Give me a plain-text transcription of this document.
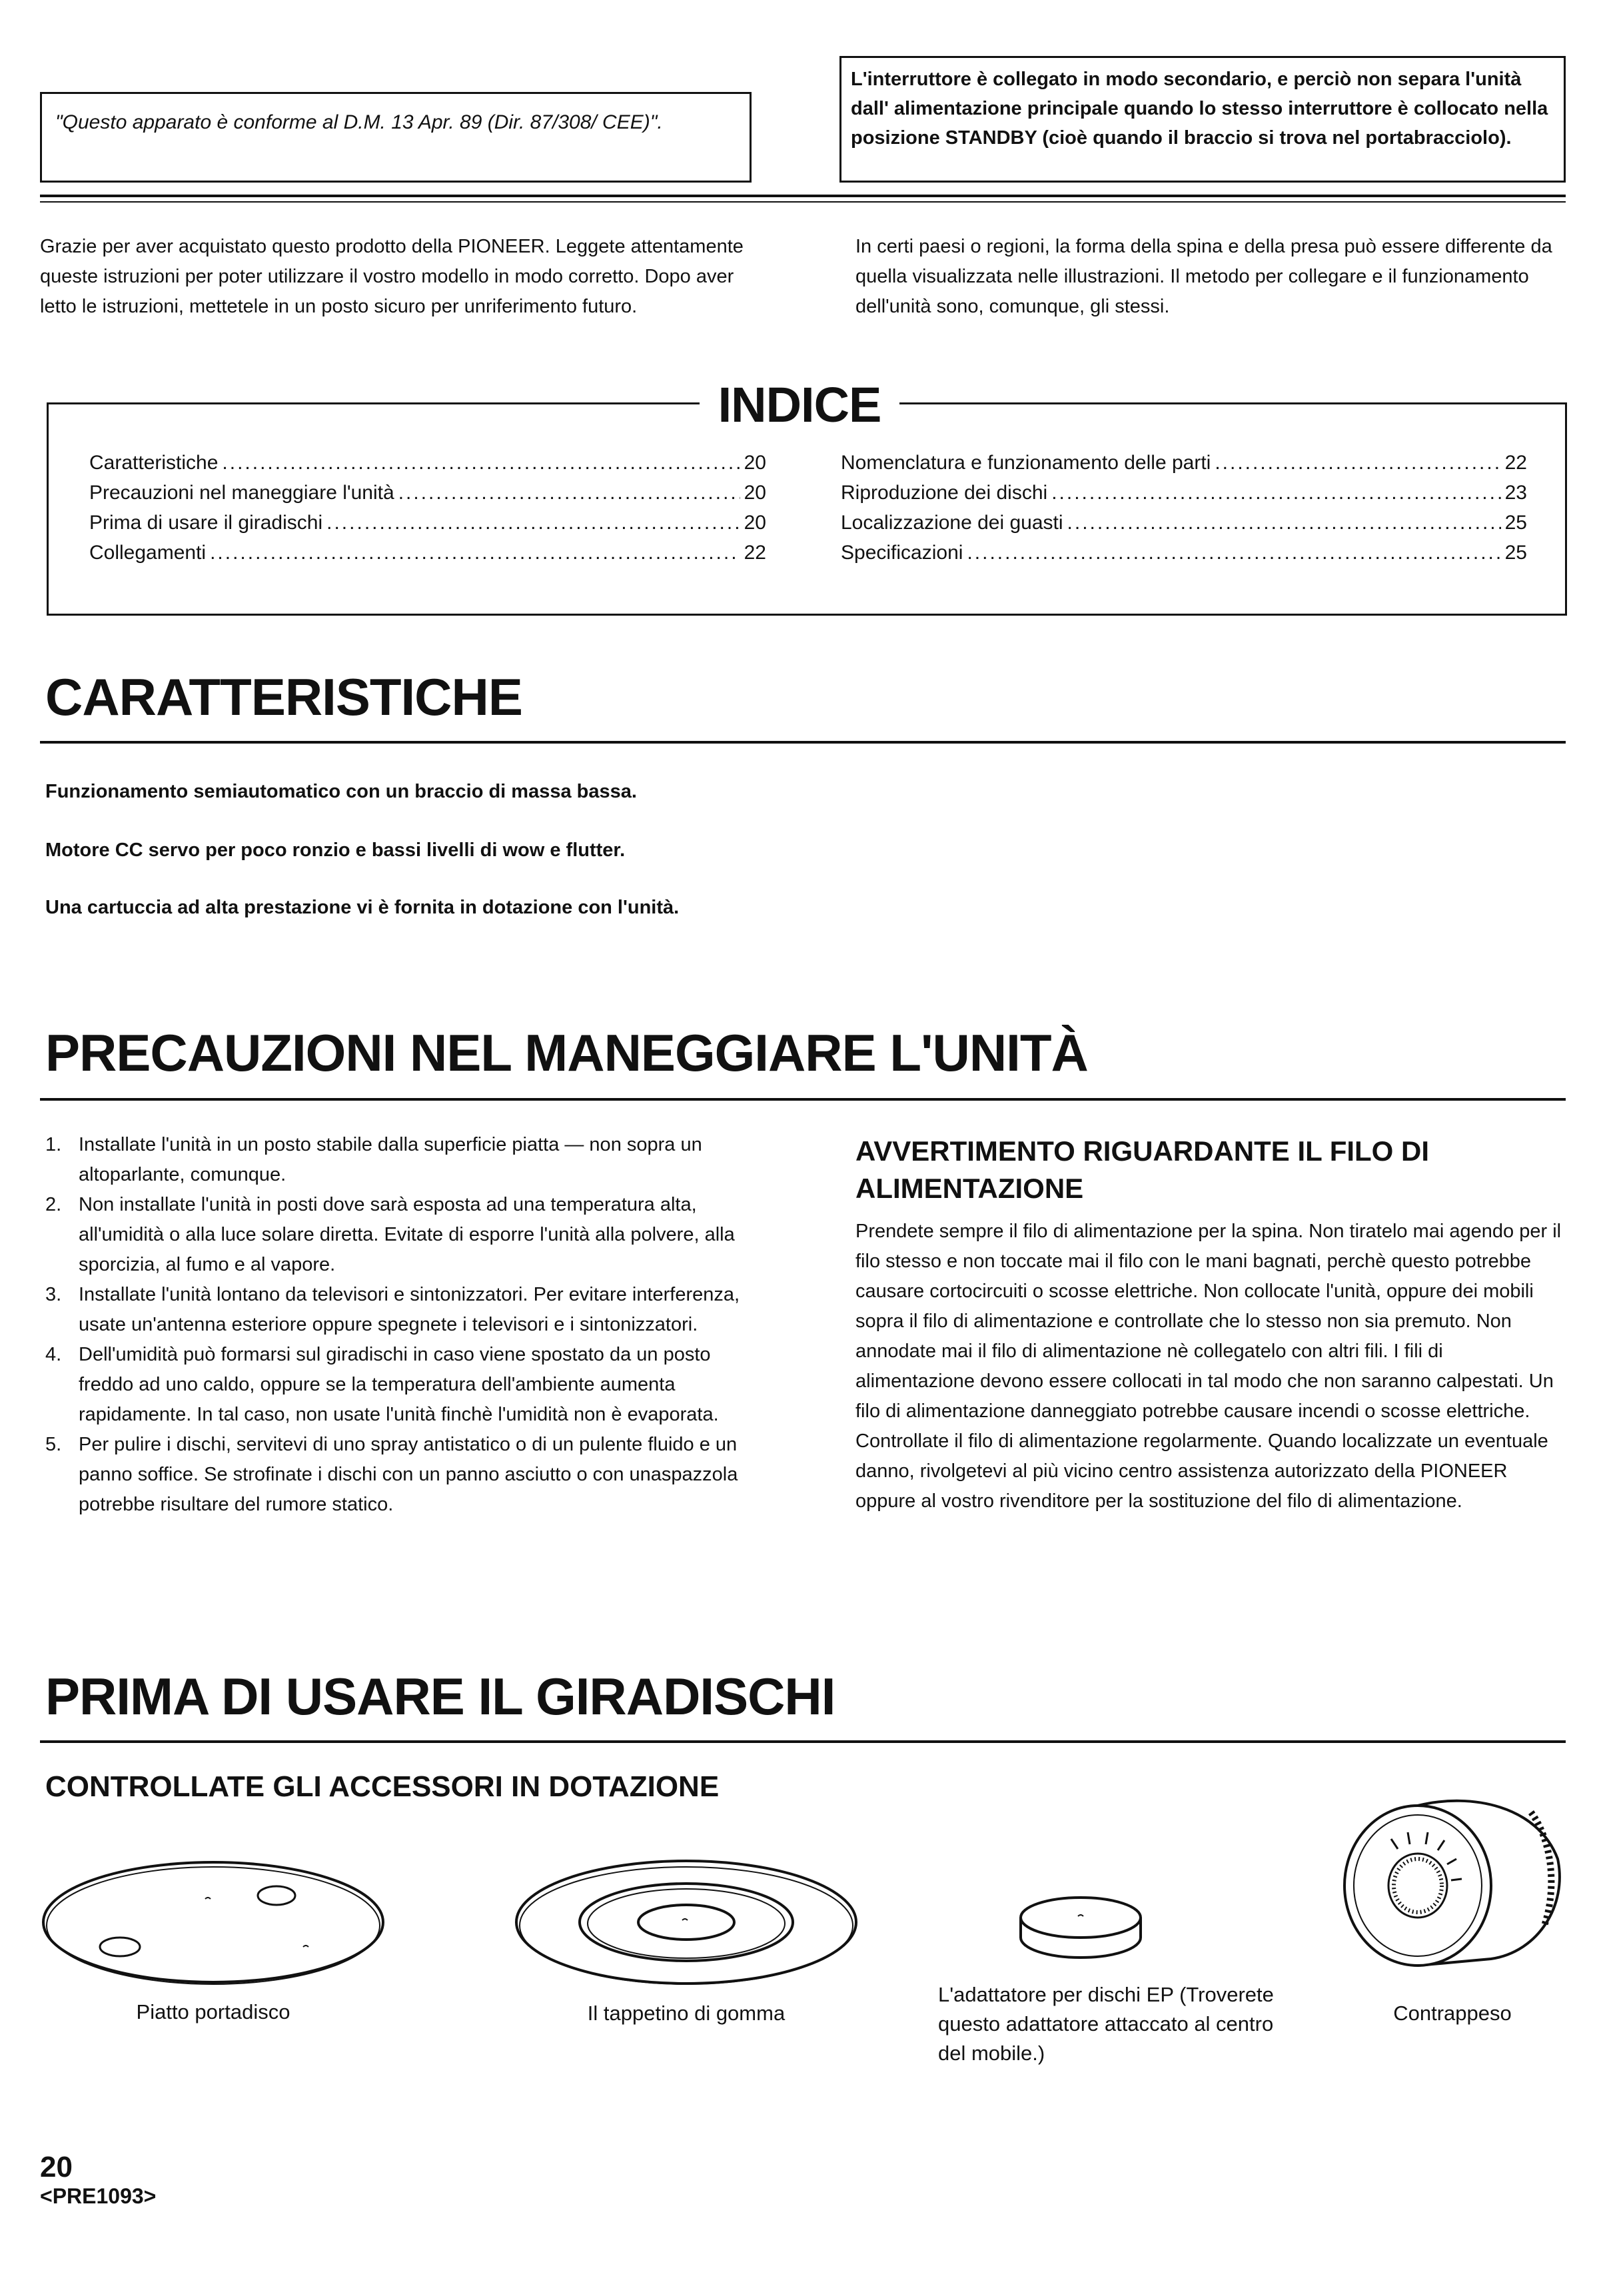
"Questo apparato è conforme al D.M. 13 Apr. 89 (Dir. 87/308/ CEE)".
L'interruttore è collegato in modo secondario, e perciò non separa l'unità dall' alimentazione principale quando lo stesso interruttore è collocato nella posizione STANDBY (cioè quando il braccio si trova nel portabracciolo).
Grazie per aver acquistato questo prodotto della PIONEER. Leggete attentamente queste istruzioni per poter utilizzare il vostro modello in modo corretto. Dopo aver letto le istruzioni, mettetele in un posto sicuro per unriferimento futuro.
In certi paesi o regioni, la forma della spina e della presa può essere differente da quella visualizzata nelle illustrazioni. Il metodo per collegare e il funzionamento dell'unità sono, comunque, gli stessi.
INDICE
Caratteristiche .....	20
Precauzioni nel maneggiare l'unità .....	20
Prima di usare il giradischi .....	20
Collegamenti .....	22
Nomenclatura e funzionamento delle parti .....	22
Riproduzione dei dischi .....	23
Localizzazione dei guasti .....	25
Specificazioni .....	25
CARATTERISTICHE
Funzionamento semiautomatico con un braccio di massa bassa.
Motore CC servo per poco ronzio e bassi livelli di wow e flutter.
Una cartuccia ad alta prestazione vi è fornita in dotazione con l'unità.
PRECAUZIONI NEL MANEGGIARE L'UNITÀ
1. Installate l'unità in un posto stabile dalla superficie piatta — non sopra un altoparlante, comunque.
2. Non installate l'unità in posti dove sarà esposta ad una temperatura alta, all'umidità o alla luce solare diretta. Evitate di esporre l'unità alla polvere, alla sporcizia, al fumo e al vapore.
3. Installate l'unità lontano da televisori e sintonizzatori. Per evitare interferenza, usate un'antenna esteriore oppure spegnete i televisori e i sintonizzatori.
4. Dell'umidità può formarsi sul giradischi in caso viene spostato da un posto freddo ad uno caldo, oppure se la temperatura dell'ambiente aumenta rapidamente. In tal caso, non usate l'unità finchè l'umidità non è evaporata.
5. Per pulire i dischi, servitevi di uno spray antistatico o di un pulente fluido e un panno soffice. Se strofinate i dischi con un panno asciutto o con unaspazzola potrebbe risultare del rumore statico.
AVVERTIMENTO RIGUARDANTE IL FILO DI ALIMENTAZIONE
Prendete sempre il filo di alimentazione per la spina. Non tiratelo mai agendo per il filo stesso e non toccate mai il filo con le mani bagnati, perchè questo potrebbe causare cortocircuiti o scosse elettriche. Non collocate l'unità, oppure dei mobili sopra il filo di alimentazione e controllate che lo stesso non sia premuto. Non annodate mai il filo di alimentazione nè collegatelo con altri fili. I fili di alimentazione devono essere collocati in tal modo che non saranno calpestati. Un filo di alimentazione danneggiato potrebbe causare incendi o scosse elettriche. Controllate il filo di alimentazione regolarmente. Quando localizzate un eventuale danno, rivolgetevi al più vicino centro assistenza autorizzato della PIONEER oppure al vostro rivenditore per la sostituzione del filo di alimentazione.
PRIMA DI USARE IL GIRADISCHI
CONTROLLATE GLI ACCESSORI IN DOTAZIONE
Piatto portadisco	Il tappetino di gomma
L'adattatore per dischi EP (Troverete questo adattatore attaccato al centro del mobile.)
Contrappeso
20
<PRE1093>
